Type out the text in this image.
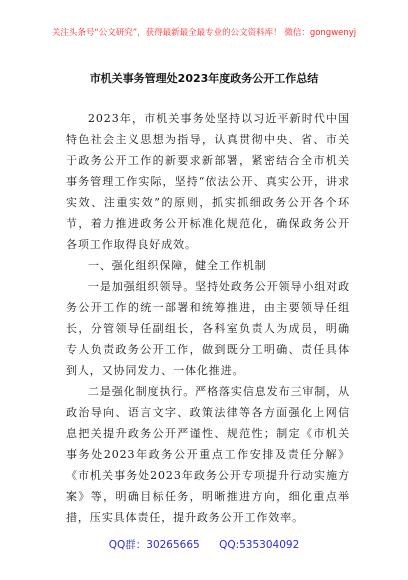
关注头条号“公文研究”，获得最新最全最专业的公文资料库！ 微信：gongwenyj
市机关事务管理处2023年度政务公开工作总结

2023年，市机关事务处坚持以习近平新时代中国特色社会主义思想为指导，认真贯彻中央、省、市关于政务公开工作的新要求新部署，紧密结合全市机关事务管理工作实际，坚持“依法公开、真实公开，讲求实效、注重实效”的原则，抓实抓细政务公开各个环节，着力推进政务公开标准化规范化，确保政务公开各项工作取得良好成效。

一、强化组织保障，健全工作机制

一是加强组织领导。坚持处政务公开领导小组对政务公开工作的统一部署和统筹推进，由主要领导任组长，分管领导任副组长，各科室负责人为成员，明确专人负责政务公开工作，做到既分工明确、责任具体到人，又协同发力、一体化推进。

二是强化制度执行。严格落实信息发布三审制，从政治导向、语言文字、政策法律等各方面强化上网信息把关提升政务公开严谨性、规范性；制定《市机关事务处2023年政务公开重点工作安排及责任分解》《市机关事务处2023年政务公开专项提升行动实施方案》等，明确目标任务，明晰推进方向，细化重点举措，压实具体责任，提升政务公开工作效率。

QQ群：30265665 QQ:535304092
